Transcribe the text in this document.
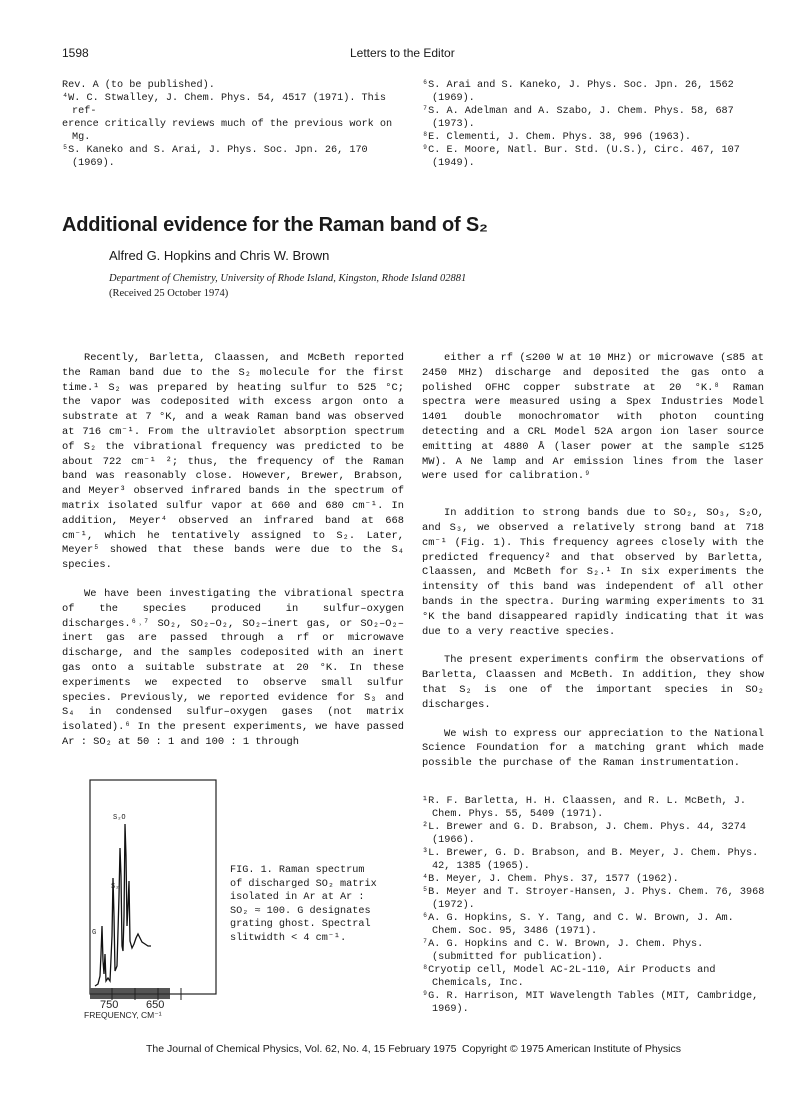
1598	Letters to the Editor

Rev. A (to be published).

⁴W. C. Stwalley, J. Chem. Phys. 54, 4517 (1971). This ref-

erence critically reviews much of the previous work on Mg.

⁵S. Kaneko and S. Arai, J. Phys. Soc. Jpn. 26, 170 (1969).

⁶S. Arai and S. Kaneko, J. Phys. Soc. Jpn. 26, 1562 (1969).

⁷S. A. Adelman and A. Szabo, J. Chem. Phys. 58, 687 (1973).

⁸E. Clementi, J. Chem. Phys. 38, 996 (1963).

⁹C. E. Moore, Natl. Bur. Std. (U.S.), Circ. 467, 107 (1949).

Additional evidence for the Raman band of S₂
Alfred G. Hopkins and Chris W. Brown
Department of Chemistry, University of Rhode Island, Kingston, Rhode Island 02881
(Received 25 October 1974)

Recently, Barletta, Claassen, and McBeth reported the Raman band due to the S₂ molecule for the first time.¹ S₂ was prepared by heating sulfur to 525 °C; the vapor was codeposited with excess argon onto a substrate at 7 °K, and a weak Raman band was observed at 716 cm⁻¹. From the ultraviolet absorption spectrum of S₂ the vibrational frequency was predicted to be about 722 cm⁻¹ ²; thus, the frequency of the Raman band was reasonably close. However, Brewer, Brabson, and Meyer³ observed infrared bands in the spectrum of matrix isolated sulfur vapor at 660 and 680 cm⁻¹. In addition, Meyer⁴ observed an infrared band at 668 cm⁻¹, which he tentatively assigned to S₂. Later, Meyer⁵ showed that these bands were due to the S₄ species.

We have been investigating the vibrational spectra of the species produced in sulfur–oxygen discharges.⁶˒⁷ SO₂, SO₂–O₂, SO₂–inert gas, or SO₂–O₂–inert gas are passed through a rf or microwave discharge, and the samples codeposited with an inert gas onto a suitable substrate at 20 °K. In these experiments we expected to observe small sulfur species. Previously, we reported evidence for S₃ and S₄ in condensed sulfur–oxygen gases (not matrix isolated).⁶ In the present experiments, we have passed Ar : SO₂ at 50 : 1 and 100 : 1 through

either a rf (≤200 W at 10 MHz) or microwave (≤85 at 2450 MHz) discharge and deposited the gas onto a polished OFHC copper substrate at 20 °K.⁸ Raman spectra were measured using a Spex Industries Model 1401 double monochromator with photon counting detecting and a CRL Model 52A argon ion laser source emitting at 4880 Å (laser power at the sample ≤125 MW). A Ne lamp and Ar emission lines from the laser were used for calibration.⁹

In addition to strong bands due to SO₂, SO₃, S₂O, and S₃, we observed a relatively strong band at 718 cm⁻¹ (Fig. 1). This frequency agrees closely with the predicted frequency² and that observed by Barletta, Claassen, and McBeth for S₂.¹ In six experiments the intensity of this band was independent of all other bands in the spectra. During warming experiments to 31 °K the band disappeared rapidly indicating that it was due to a very reactive species.

The present experiments confirm the observations of Barletta, Claassen and McBeth. In addition, they show that S₂ is one of the important species in SO₂ discharges.

We wish to express our appreciation to the National Science Foundation for a matching grant which made possible the purchase of the Raman instrumentation.

S₂O
S₂
G
750	650
FREQUENCY, CM⁻¹
FIG. 1. Raman spectrum of discharged SO₂ matrix isolated in Ar at Ar : SO₂ ≈ 100. G designates grating ghost. Spectral slitwidth < 4 cm⁻¹.

¹R. F. Barletta, H. H. Claassen, and R. L. McBeth, J. Chem. Phys. 55, 5409 (1971).

²L. Brewer and G. D. Brabson, J. Chem. Phys. 44, 3274 (1966).

³L. Brewer, G. D. Brabson, and B. Meyer, J. Chem. Phys. 42, 1385 (1965).

⁴B. Meyer, J. Chem. Phys. 37, 1577 (1962).

⁵B. Meyer and T. Stroyer-Hansen, J. Phys. Chem. 76, 3968 (1972).

⁶A. G. Hopkins, S. Y. Tang, and C. W. Brown, J. Am. Chem. Soc. 95, 3486 (1971).

⁷A. G. Hopkins and C. W. Brown, J. Chem. Phys. (submitted for publication).

⁸Cryotip cell, Model AC-2L-110, Air Products and Chemicals, Inc.

⁹G. R. Harrison, MIT Wavelength Tables (MIT, Cambridge, 1969).

The Journal of Chemical Physics, Vol. 62, No. 4, 15 February 1975 Copyright © 1975 American Institute of Physics
